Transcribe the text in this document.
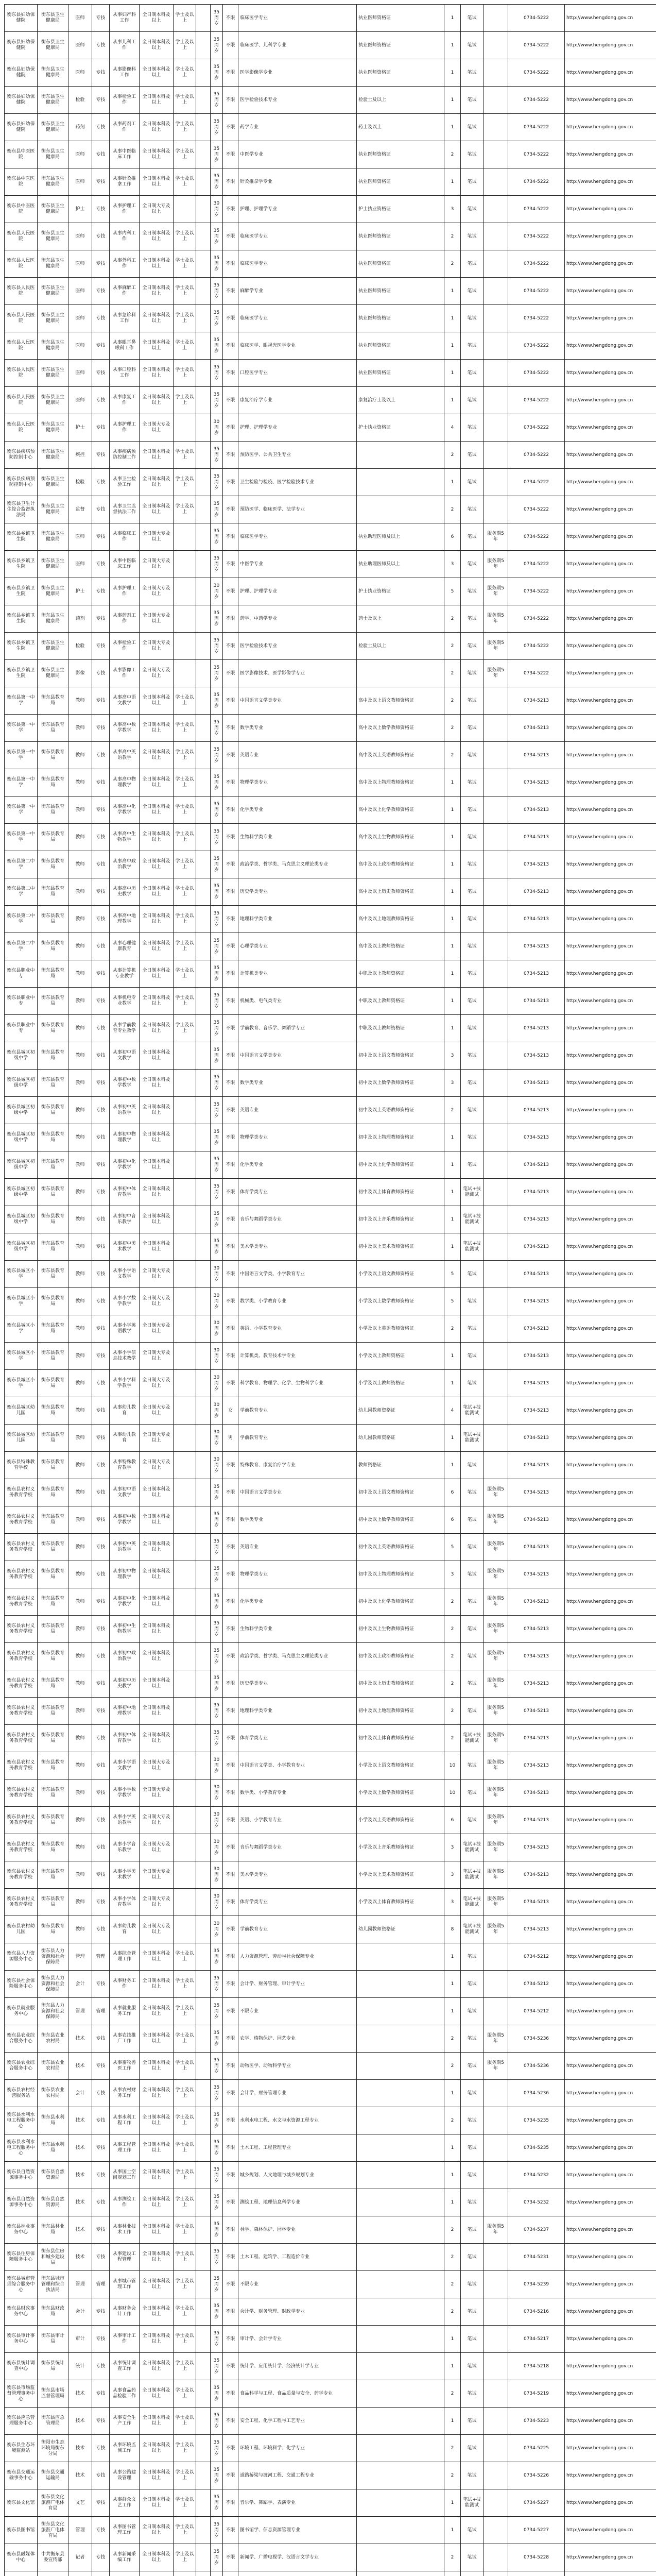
衡东县妇幼保健院	衡东县卫生健康局	医师	专技	从事妇产科工作	全日制本科及以上	学士及以上		35周岁	不限	临床医学专业	执业医师资格证	1	笔试		0734-5222	http://www.hengdong.gov.cn
衡东县妇幼保健院	衡东县卫生健康局	医师	专技	从事儿科工作	全日制本科及以上	学士及以上		35周岁	不限	临床医学、儿科学专业	执业医师资格证	1	笔试		0734-5222	http://www.hengdong.gov.cn
衡东县妇幼保健院	衡东县卫生健康局	医师	专技	从事影像科工作	全日制本科及以上	学士及以上		35周岁	不限	医学影像学专业	执业医师资格证	1	笔试		0734-5222	http://www.hengdong.gov.cn
衡东县妇幼保健院	衡东县卫生健康局	检验	专技	从事检验工作	全日制本科及以上	学士及以上		35周岁	不限	医学检验技术专业	检验士及以上	1	笔试		0734-5222	http://www.hengdong.gov.cn
衡东县妇幼保健院	衡东县卫生健康局	药剂	专技	从事药剂工作	全日制本科及以上	学士及以上		35周岁	不限	药学专业	药士及以上	1	笔试		0734-5222	http://www.hengdong.gov.cn
衡东县中医医院	衡东县卫生健康局	医师	专技	从事中医临床工作	全日制本科及以上	学士及以上		35周岁	不限	中医学专业	执业医师资格证	2	笔试		0734-5222	http://www.hengdong.gov.cn
衡东县中医医院	衡东县卫生健康局	医师	专技	从事针灸推拿工作	全日制本科及以上	学士及以上		35周岁	不限	针灸推拿学专业	执业医师资格证	1	笔试		0734-5222	http://www.hengdong.gov.cn
衡东县中医医院	衡东县卫生健康局	护士	专技	从事护理工作	全日制大专及以上			30周岁	不限	护理、护理学专业	护士执业资格证	3	笔试		0734-5222	http://www.hengdong.gov.cn
衡东县人民医院	衡东县卫生健康局	医师	专技	从事内科工作	全日制本科及以上	学士及以上		35周岁	不限	临床医学专业	执业医师资格证	2	笔试		0734-5222	http://www.hengdong.gov.cn
衡东县人民医院	衡东县卫生健康局	医师	专技	从事外科工作	全日制本科及以上	学士及以上		35周岁	不限	临床医学专业	执业医师资格证	2	笔试		0734-5222	http://www.hengdong.gov.cn
衡东县人民医院	衡东县卫生健康局	医师	专技	从事麻醉工作	全日制本科及以上	学士及以上		35周岁	不限	麻醉学专业	执业医师资格证	1	笔试		0734-5222	http://www.hengdong.gov.cn
衡东县人民医院	衡东县卫生健康局	医师	专技	从事急诊科工作	全日制本科及以上	学士及以上		35周岁	不限	临床医学专业	执业医师资格证	1	笔试		0734-5222	http://www.hengdong.gov.cn
衡东县人民医院	衡东县卫生健康局	医师	专技	从事眼耳鼻喉科工作	全日制本科及以上	学士及以上		35周岁	不限	临床医学、眼视光医学专业	执业医师资格证	1	笔试		0734-5222	http://www.hengdong.gov.cn
衡东县人民医院	衡东县卫生健康局	医师	专技	从事口腔科工作	全日制本科及以上	学士及以上		35周岁	不限	口腔医学专业	执业医师资格证	1	笔试		0734-5222	http://www.hengdong.gov.cn
衡东县人民医院	衡东县卫生健康局	医师	专技	从事康复工作	全日制本科及以上	学士及以上		35周岁	不限	康复治疗学专业	康复治疗士及以上	1	笔试		0734-5222	http://www.hengdong.gov.cn
衡东县人民医院	衡东县卫生健康局	护士	专技	从事护理工作	全日制大专及以上			30周岁	不限	护理、护理学专业	护士执业资格证	4	笔试		0734-5222	http://www.hengdong.gov.cn
衡东县疾病预防控制中心	衡东县卫生健康局	疾控	专技	从事疾病预防控制工作	全日制本科及以上	学士及以上		35周岁	不限	预防医学、公共卫生专业		2	笔试		0734-5222	http://www.hengdong.gov.cn
衡东县疾病预防控制中心	衡东县卫生健康局	检验	专技	从事卫生检验工作	全日制本科及以上	学士及以上		35周岁	不限	卫生检验与检疫、医学检验技术专业		1	笔试		0734-5222	http://www.hengdong.gov.cn
衡东县卫生计生综合监督执法局	衡东县卫生健康局	监督	专技	从事卫生监督执法工作	全日制本科及以上	学士及以上		35周岁	不限	预防医学、临床医学、法学专业		2	笔试		0734-5222	http://www.hengdong.gov.cn
衡东县乡镇卫生院	衡东县卫生健康局	医师	专技	从事临床工作	全日制大专及以上			35周岁	不限	临床医学专业	执业助理医师及以上	6	笔试	服务期5年	0734-5222	http://www.hengdong.gov.cn
衡东县乡镇卫生院	衡东县卫生健康局	医师	专技	从事中医临床工作	全日制大专及以上			35周岁	不限	中医学专业	执业助理医师及以上	3	笔试	服务期5年	0734-5222	http://www.hengdong.gov.cn
衡东县乡镇卫生院	衡东县卫生健康局	护士	专技	从事护理工作	全日制大专及以上			30周岁	不限	护理、护理学专业	护士执业资格证	5	笔试	服务期5年	0734-5222	http://www.hengdong.gov.cn
衡东县乡镇卫生院	衡东县卫生健康局	药剂	专技	从事药剂工作	全日制大专及以上			35周岁	不限	药学、中药学专业	药士及以上	2	笔试	服务期5年	0734-5222	http://www.hengdong.gov.cn
衡东县乡镇卫生院	衡东县卫生健康局	检验	专技	从事检验工作	全日制大专及以上			35周岁	不限	医学检验技术专业	检验士及以上	2	笔试	服务期5年	0734-5222	http://www.hengdong.gov.cn
衡东县乡镇卫生院	衡东县卫生健康局	影像	专技	从事影像工作	全日制大专及以上			35周岁	不限	医学影像技术、医学影像学专业		2	笔试	服务期5年	0734-5222	http://www.hengdong.gov.cn
衡东县第一中学	衡东县教育局	教师	专技	从事高中语文教学	全日制本科及以上	学士及以上		35周岁	不限	中国语言文学类专业	高中及以上语文教师资格证	2	笔试		0734-5213	http://www.hengdong.gov.cn
衡东县第一中学	衡东县教育局	教师	专技	从事高中数学教学	全日制本科及以上	学士及以上		35周岁	不限	数学类专业	高中及以上数学教师资格证	2	笔试		0734-5213	http://www.hengdong.gov.cn
衡东县第一中学	衡东县教育局	教师	专技	从事高中英语教学	全日制本科及以上	学士及以上		35周岁	不限	英语专业	高中及以上英语教师资格证	2	笔试		0734-5213	http://www.hengdong.gov.cn
衡东县第一中学	衡东县教育局	教师	专技	从事高中物理教学	全日制本科及以上	学士及以上		35周岁	不限	物理学类专业	高中及以上物理教师资格证	1	笔试		0734-5213	http://www.hengdong.gov.cn
衡东县第一中学	衡东县教育局	教师	专技	从事高中化学教学	全日制本科及以上	学士及以上		35周岁	不限	化学类专业	高中及以上化学教师资格证	1	笔试		0734-5213	http://www.hengdong.gov.cn
衡东县第一中学	衡东县教育局	教师	专技	从事高中生物教学	全日制本科及以上	学士及以上		35周岁	不限	生物科学类专业	高中及以上生物教师资格证	1	笔试		0734-5213	http://www.hengdong.gov.cn
衡东县第二中学	衡东县教育局	教师	专技	从事高中政治教学	全日制本科及以上	学士及以上		35周岁	不限	政治学类、哲学类、马克思主义理论类专业	高中及以上政治教师资格证	1	笔试		0734-5213	http://www.hengdong.gov.cn
衡东县第二中学	衡东县教育局	教师	专技	从事高中历史教学	全日制本科及以上	学士及以上		35周岁	不限	历史学类专业	高中及以上历史教师资格证	1	笔试		0734-5213	http://www.hengdong.gov.cn
衡东县第二中学	衡东县教育局	教师	专技	从事高中地理教学	全日制本科及以上	学士及以上		35周岁	不限	地理科学类专业	高中及以上地理教师资格证	1	笔试		0734-5213	http://www.hengdong.gov.cn
衡东县第二中学	衡东县教育局	教师	专技	从事心理健康教育	全日制本科及以上	学士及以上		35周岁	不限	心理学类专业	高中及以上教师资格证	1	笔试		0734-5213	http://www.hengdong.gov.cn
衡东县职业中专	衡东县教育局	教师	专技	从事计算机专业教学	全日制本科及以上	学士及以上		35周岁	不限	计算机类专业	中职及以上教师资格证	1	笔试		0734-5213	http://www.hengdong.gov.cn
衡东县职业中专	衡东县教育局	教师	专技	从事机电专业教学	全日制本科及以上	学士及以上		35周岁	不限	机械类、电气类专业	中职及以上教师资格证	1	笔试		0734-5213	http://www.hengdong.gov.cn
衡东县职业中专	衡东县教育局	教师	专技	从事学前教育专业教学	全日制本科及以上	学士及以上		35周岁	不限	学前教育、音乐学、舞蹈学专业	中职及以上教师资格证	1	笔试		0734-5213	http://www.hengdong.gov.cn
衡东县城区初级中学	衡东县教育局	教师	专技	从事初中语文教学	全日制本科及以上			35周岁	不限	中国语言文学类专业	初中及以上语文教师资格证	3	笔试		0734-5213	http://www.hengdong.gov.cn
衡东县城区初级中学	衡东县教育局	教师	专技	从事初中数学教学	全日制本科及以上			35周岁	不限	数学类专业	初中及以上数学教师资格证	3	笔试		0734-5213	http://www.hengdong.gov.cn
衡东县城区初级中学	衡东县教育局	教师	专技	从事初中英语教学	全日制本科及以上			35周岁	不限	英语专业	初中及以上英语教师资格证	2	笔试		0734-5213	http://www.hengdong.gov.cn
衡东县城区初级中学	衡东县教育局	教师	专技	从事初中物理教学	全日制本科及以上			35周岁	不限	物理学类专业	初中及以上物理教师资格证	1	笔试		0734-5213	http://www.hengdong.gov.cn
衡东县城区初级中学	衡东县教育局	教师	专技	从事初中化学教学	全日制本科及以上			35周岁	不限	化学类专业	初中及以上化学教师资格证	1	笔试		0734-5213	http://www.hengdong.gov.cn
衡东县城区初级中学	衡东县教育局	教师	专技	从事初中体育教学	全日制本科及以上			35周岁	不限	体育学类专业	初中及以上体育教师资格证	1	笔试+技能测试		0734-5213	http://www.hengdong.gov.cn
衡东县城区初级中学	衡东县教育局	教师	专技	从事初中音乐教学	全日制本科及以上			35周岁	不限	音乐与舞蹈学类专业	初中及以上音乐教师资格证	1	笔试+技能测试		0734-5213	http://www.hengdong.gov.cn
衡东县城区初级中学	衡东县教育局	教师	专技	从事初中美术教学	全日制本科及以上			35周岁	不限	美术学类专业	初中及以上美术教师资格证	1	笔试+技能测试		0734-5213	http://www.hengdong.gov.cn
衡东县城区小学	衡东县教育局	教师	专技	从事小学语文教学	全日制大专及以上			30周岁	不限	中国语言文学类、小学教育专业	小学及以上语文教师资格证	5	笔试		0734-5213	http://www.hengdong.gov.cn
衡东县城区小学	衡东县教育局	教师	专技	从事小学数学教学	全日制大专及以上			30周岁	不限	数学类、小学教育专业	小学及以上数学教师资格证	5	笔试		0734-5213	http://www.hengdong.gov.cn
衡东县城区小学	衡东县教育局	教师	专技	从事小学英语教学	全日制大专及以上			30周岁	不限	英语、小学教育专业	小学及以上英语教师资格证	2	笔试		0734-5213	http://www.hengdong.gov.cn
衡东县城区小学	衡东县教育局	教师	专技	从事小学信息技术教学	全日制大专及以上			30周岁	不限	计算机类、教育技术学专业	小学及以上教师资格证	1	笔试		0734-5213	http://www.hengdong.gov.cn
衡东县城区小学	衡东县教育局	教师	专技	从事小学科学教学	全日制大专及以上			30周岁	不限	科学教育、物理学、化学、生物科学专业	小学及以上教师资格证	1	笔试		0734-5213	http://www.hengdong.gov.cn
衡东县城区幼儿园	衡东县教育局	教师	专技	从事幼儿教育	全日制大专及以上			30周岁	女	学前教育专业	幼儿园教师资格证	4	笔试+技能测试		0734-5213	http://www.hengdong.gov.cn
衡东县城区幼儿园	衡东县教育局	教师	专技	从事幼儿教育	全日制大专及以上			30周岁	男	学前教育专业	幼儿园教师资格证	1	笔试+技能测试		0734-5213	http://www.hengdong.gov.cn
衡东县特殊教育学校	衡东县教育局	教师	专技	从事特殊教育教学	全日制大专及以上			30周岁	不限	特殊教育、康复治疗学专业	教师资格证	1	笔试		0734-5213	http://www.hengdong.gov.cn
衡东县农村义务教育学校	衡东县教育局	教师	专技	从事初中语文教学	全日制本科及以上			35周岁	不限	中国语言文学类专业	初中及以上语文教师资格证	6	笔试	服务期5年	0734-5213	http://www.hengdong.gov.cn
衡东县农村义务教育学校	衡东县教育局	教师	专技	从事初中数学教学	全日制本科及以上			35周岁	不限	数学类专业	初中及以上数学教师资格证	6	笔试	服务期5年	0734-5213	http://www.hengdong.gov.cn
衡东县农村义务教育学校	衡东县教育局	教师	专技	从事初中英语教学	全日制本科及以上			35周岁	不限	英语专业	初中及以上英语教师资格证	5	笔试	服务期5年	0734-5213	http://www.hengdong.gov.cn
衡东县农村义务教育学校	衡东县教育局	教师	专技	从事初中物理教学	全日制本科及以上			35周岁	不限	物理学类专业	初中及以上物理教师资格证	3	笔试	服务期5年	0734-5213	http://www.hengdong.gov.cn
衡东县农村义务教育学校	衡东县教育局	教师	专技	从事初中化学教学	全日制本科及以上			35周岁	不限	化学类专业	初中及以上化学教师资格证	2	笔试	服务期5年	0734-5213	http://www.hengdong.gov.cn
衡东县农村义务教育学校	衡东县教育局	教师	专技	从事初中生物教学	全日制本科及以上			35周岁	不限	生物科学类专业	初中及以上生物教师资格证	2	笔试	服务期5年	0734-5213	http://www.hengdong.gov.cn
衡东县农村义务教育学校	衡东县教育局	教师	专技	从事初中政治教学	全日制本科及以上			35周岁	不限	政治学类、哲学类、马克思主义理论类专业	初中及以上政治教师资格证	2	笔试	服务期5年	0734-5213	http://www.hengdong.gov.cn
衡东县农村义务教育学校	衡东县教育局	教师	专技	从事初中历史教学	全日制本科及以上			35周岁	不限	历史学类专业	初中及以上历史教师资格证	2	笔试	服务期5年	0734-5213	http://www.hengdong.gov.cn
衡东县农村义务教育学校	衡东县教育局	教师	专技	从事初中地理教学	全日制本科及以上			35周岁	不限	地理科学类专业	初中及以上地理教师资格证	2	笔试	服务期5年	0734-5213	http://www.hengdong.gov.cn
衡东县农村义务教育学校	衡东县教育局	教师	专技	从事初中体育教学	全日制本科及以上			35周岁	不限	体育学类专业	初中及以上体育教师资格证	2	笔试+技能测试	服务期5年	0734-5213	http://www.hengdong.gov.cn
衡东县农村义务教育学校	衡东县教育局	教师	专技	从事小学语文教学	全日制大专及以上			30周岁	不限	中国语言文学类、小学教育专业	小学及以上语文教师资格证	10	笔试	服务期5年	0734-5213	http://www.hengdong.gov.cn
衡东县农村义务教育学校	衡东县教育局	教师	专技	从事小学数学教学	全日制大专及以上			30周岁	不限	数学类、小学教育专业	小学及以上数学教师资格证	10	笔试	服务期5年	0734-5213	http://www.hengdong.gov.cn
衡东县农村义务教育学校	衡东县教育局	教师	专技	从事小学英语教学	全日制大专及以上			30周岁	不限	英语、小学教育专业	小学及以上英语教师资格证	6	笔试	服务期5年	0734-5213	http://www.hengdong.gov.cn
衡东县农村义务教育学校	衡东县教育局	教师	专技	从事小学音乐教学	全日制大专及以上			30周岁	不限	音乐与舞蹈学类专业	小学及以上音乐教师资格证	3	笔试+技能测试	服务期5年	0734-5213	http://www.hengdong.gov.cn
衡东县农村义务教育学校	衡东县教育局	教师	专技	从事小学美术教学	全日制大专及以上			30周岁	不限	美术学类专业	小学及以上美术教师资格证	3	笔试+技能测试	服务期5年	0734-5213	http://www.hengdong.gov.cn
衡东县农村义务教育学校	衡东县教育局	教师	专技	从事小学体育教学	全日制大专及以上			30周岁	不限	体育学类专业	小学及以上体育教师资格证	3	笔试+技能测试	服务期5年	0734-5213	http://www.hengdong.gov.cn
衡东县农村幼儿园	衡东县教育局	教师	专技	从事幼儿教育	全日制大专及以上			30周岁	不限	学前教育专业	幼儿园教师资格证	8	笔试+技能测试	服务期5年	0734-5213	http://www.hengdong.gov.cn
衡东县人力资源服务中心	衡东县人力资源和社会保障局	管理	管理	从事综合管理工作	全日制本科及以上	学士及以上		35周岁	不限	人力资源管理、劳动与社会保障专业		1	笔试		0734-5212	http://www.hengdong.gov.cn
衡东县社会保险服务中心	衡东县人力资源和社会保障局	会计	专技	从事财务工作	全日制本科及以上	学士及以上		35周岁	不限	会计学、财务管理、审计学专业		1	笔试		0734-5212	http://www.hengdong.gov.cn
衡东县就业服务中心	衡东县人力资源和社会保障局	管理	管理	从事就业服务工作	全日制本科及以上	学士及以上		35周岁	不限	不限专业		1	笔试		0734-5212	http://www.hengdong.gov.cn
衡东县农业综合服务中心	衡东县农业农村局	技术	专技	从事农技推广工作	全日制本科及以上	学士及以上		35周岁	不限	农学、植物保护、园艺专业		2	笔试	服务期5年	0734-5236	http://www.hengdong.gov.cn
衡东县农业综合服务中心	衡东县农业农村局	技术	专技	从事畜牧兽医工作	全日制本科及以上	学士及以上		35周岁	不限	动物医学、动物科学专业		2	笔试	服务期5年	0734-5236	http://www.hengdong.gov.cn
衡东县农村经营服务站	衡东县农业农村局	会计	专技	从事农村财务工作	全日制本科及以上	学士及以上		35周岁	不限	会计学、财务管理专业		1	笔试		0734-5236	http://www.hengdong.gov.cn
衡东县水利水电工程服务中心	衡东县水利局	技术	专技	从事水利工程工作	全日制本科及以上	学士及以上		35周岁	不限	水利水电工程、水文与水资源工程专业		2	笔试		0734-5235	http://www.hengdong.gov.cn
衡东县水利水电工程服务中心	衡东县水利局	技术	专技	从事工程管理工作	全日制本科及以上	学士及以上		35周岁	不限	土木工程、工程管理专业		1	笔试		0734-5235	http://www.hengdong.gov.cn
衡东县自然资源事务中心	衡东县自然资源局	技术	专技	从事国土空间规划工作	全日制本科及以上	学士及以上		35周岁	不限	城乡规划、人文地理与城乡规划专业		1	笔试		0734-5232	http://www.hengdong.gov.cn
衡东县自然资源事务中心	衡东县自然资源局	技术	专技	从事测绘工作	全日制本科及以上	学士及以上		35周岁	不限	测绘工程、地理信息科学专业		1	笔试		0734-5232	http://www.hengdong.gov.cn
衡东县林业事务中心	衡东县林业局	技术	专技	从事林业技术工作	全日制本科及以上	学士及以上		35周岁	不限	林学、森林保护、园林专业		2	笔试	服务期5年	0734-5237	http://www.hengdong.gov.cn
衡东县住房保障服务中心	衡东县住房和城乡建设局	技术	专技	从事建设工程管理	全日制本科及以上	学士及以上		35周岁	不限	土木工程、建筑学、工程造价专业		2	笔试		0734-5231	http://www.hengdong.gov.cn
衡东县城市管理综合服务中心	衡东县城市管理和综合执法局	管理	管理	从事城市管理工作	全日制本科及以上	学士及以上		35周岁	不限	不限专业		2	笔试		0734-5239	http://www.hengdong.gov.cn
衡东县财政事务中心	衡东县财政局	会计	专技	从事财务会计工作	全日制本科及以上	学士及以上		35周岁	不限	会计学、财务管理、财政学专业		2	笔试		0734-5216	http://www.hengdong.gov.cn
衡东县审计事务中心	衡东县审计局	审计	专技	从事审计工作	全日制本科及以上	学士及以上		35周岁	不限	审计学、会计学专业		1	笔试		0734-5217	http://www.hengdong.gov.cn
衡东县统计调查中心	衡东县统计局	统计	专技	从事统计调查工作	全日制本科及以上	学士及以上		35周岁	不限	统计学、应用统计学、经济统计学专业		1	笔试		0734-5218	http://www.hengdong.gov.cn
衡东县市场监督管理事务中心	衡东县市场监督管理局	技术	专技	从事食品药品检验工作	全日制本科及以上	学士及以上		35周岁	不限	食品科学与工程、食品质量与安全、药学专业		2	笔试		0734-5219	http://www.hengdong.gov.cn
衡东县应急管理服务中心	衡东县应急管理局	技术	专技	从事安全生产工作	全日制本科及以上	学士及以上		35周岁	不限	安全工程、化学工程与工艺专业		1	笔试		0734-5223	http://www.hengdong.gov.cn
衡东县生态环境监测站	衡阳市生态环境局衡东分局	技术	专技	从事环境监测工作	全日制本科及以上	学士及以上		35周岁	不限	环境工程、环境科学、化学专业		2	笔试		0734-5225	http://www.hengdong.gov.cn
衡东县交通运输事务中心	衡东县交通运输局	技术	专技	从事公路建设管理	全日制本科及以上	学士及以上		35周岁	不限	道路桥梁与渡河工程、交通工程专业		2	笔试		0734-5226	http://www.hengdong.gov.cn
衡东县文化馆	衡东县文化旅游广电体育局	文艺	专技	从事群众文艺工作	全日制本科及以上	学士及以上		35周岁	不限	音乐学、舞蹈学、表演专业		1	笔试+技能测试		0734-5227	http://www.hengdong.gov.cn
衡东县图书馆	衡东县文化旅游广电体育局	管理	专技	从事图书管理工作	全日制本科及以上	学士及以上		35周岁	不限	图书馆学、信息资源管理专业		1	笔试		0734-5227	http://www.hengdong.gov.cn
衡东县融媒体中心	中共衡东县委宣传部	记者	专技	从事新闻采编工作	全日制本科及以上	学士及以上		35周岁	不限	新闻学、广播电视学、汉语言文学专业		2	笔试		0734-5228	http://www.hengdong.gov.cn
